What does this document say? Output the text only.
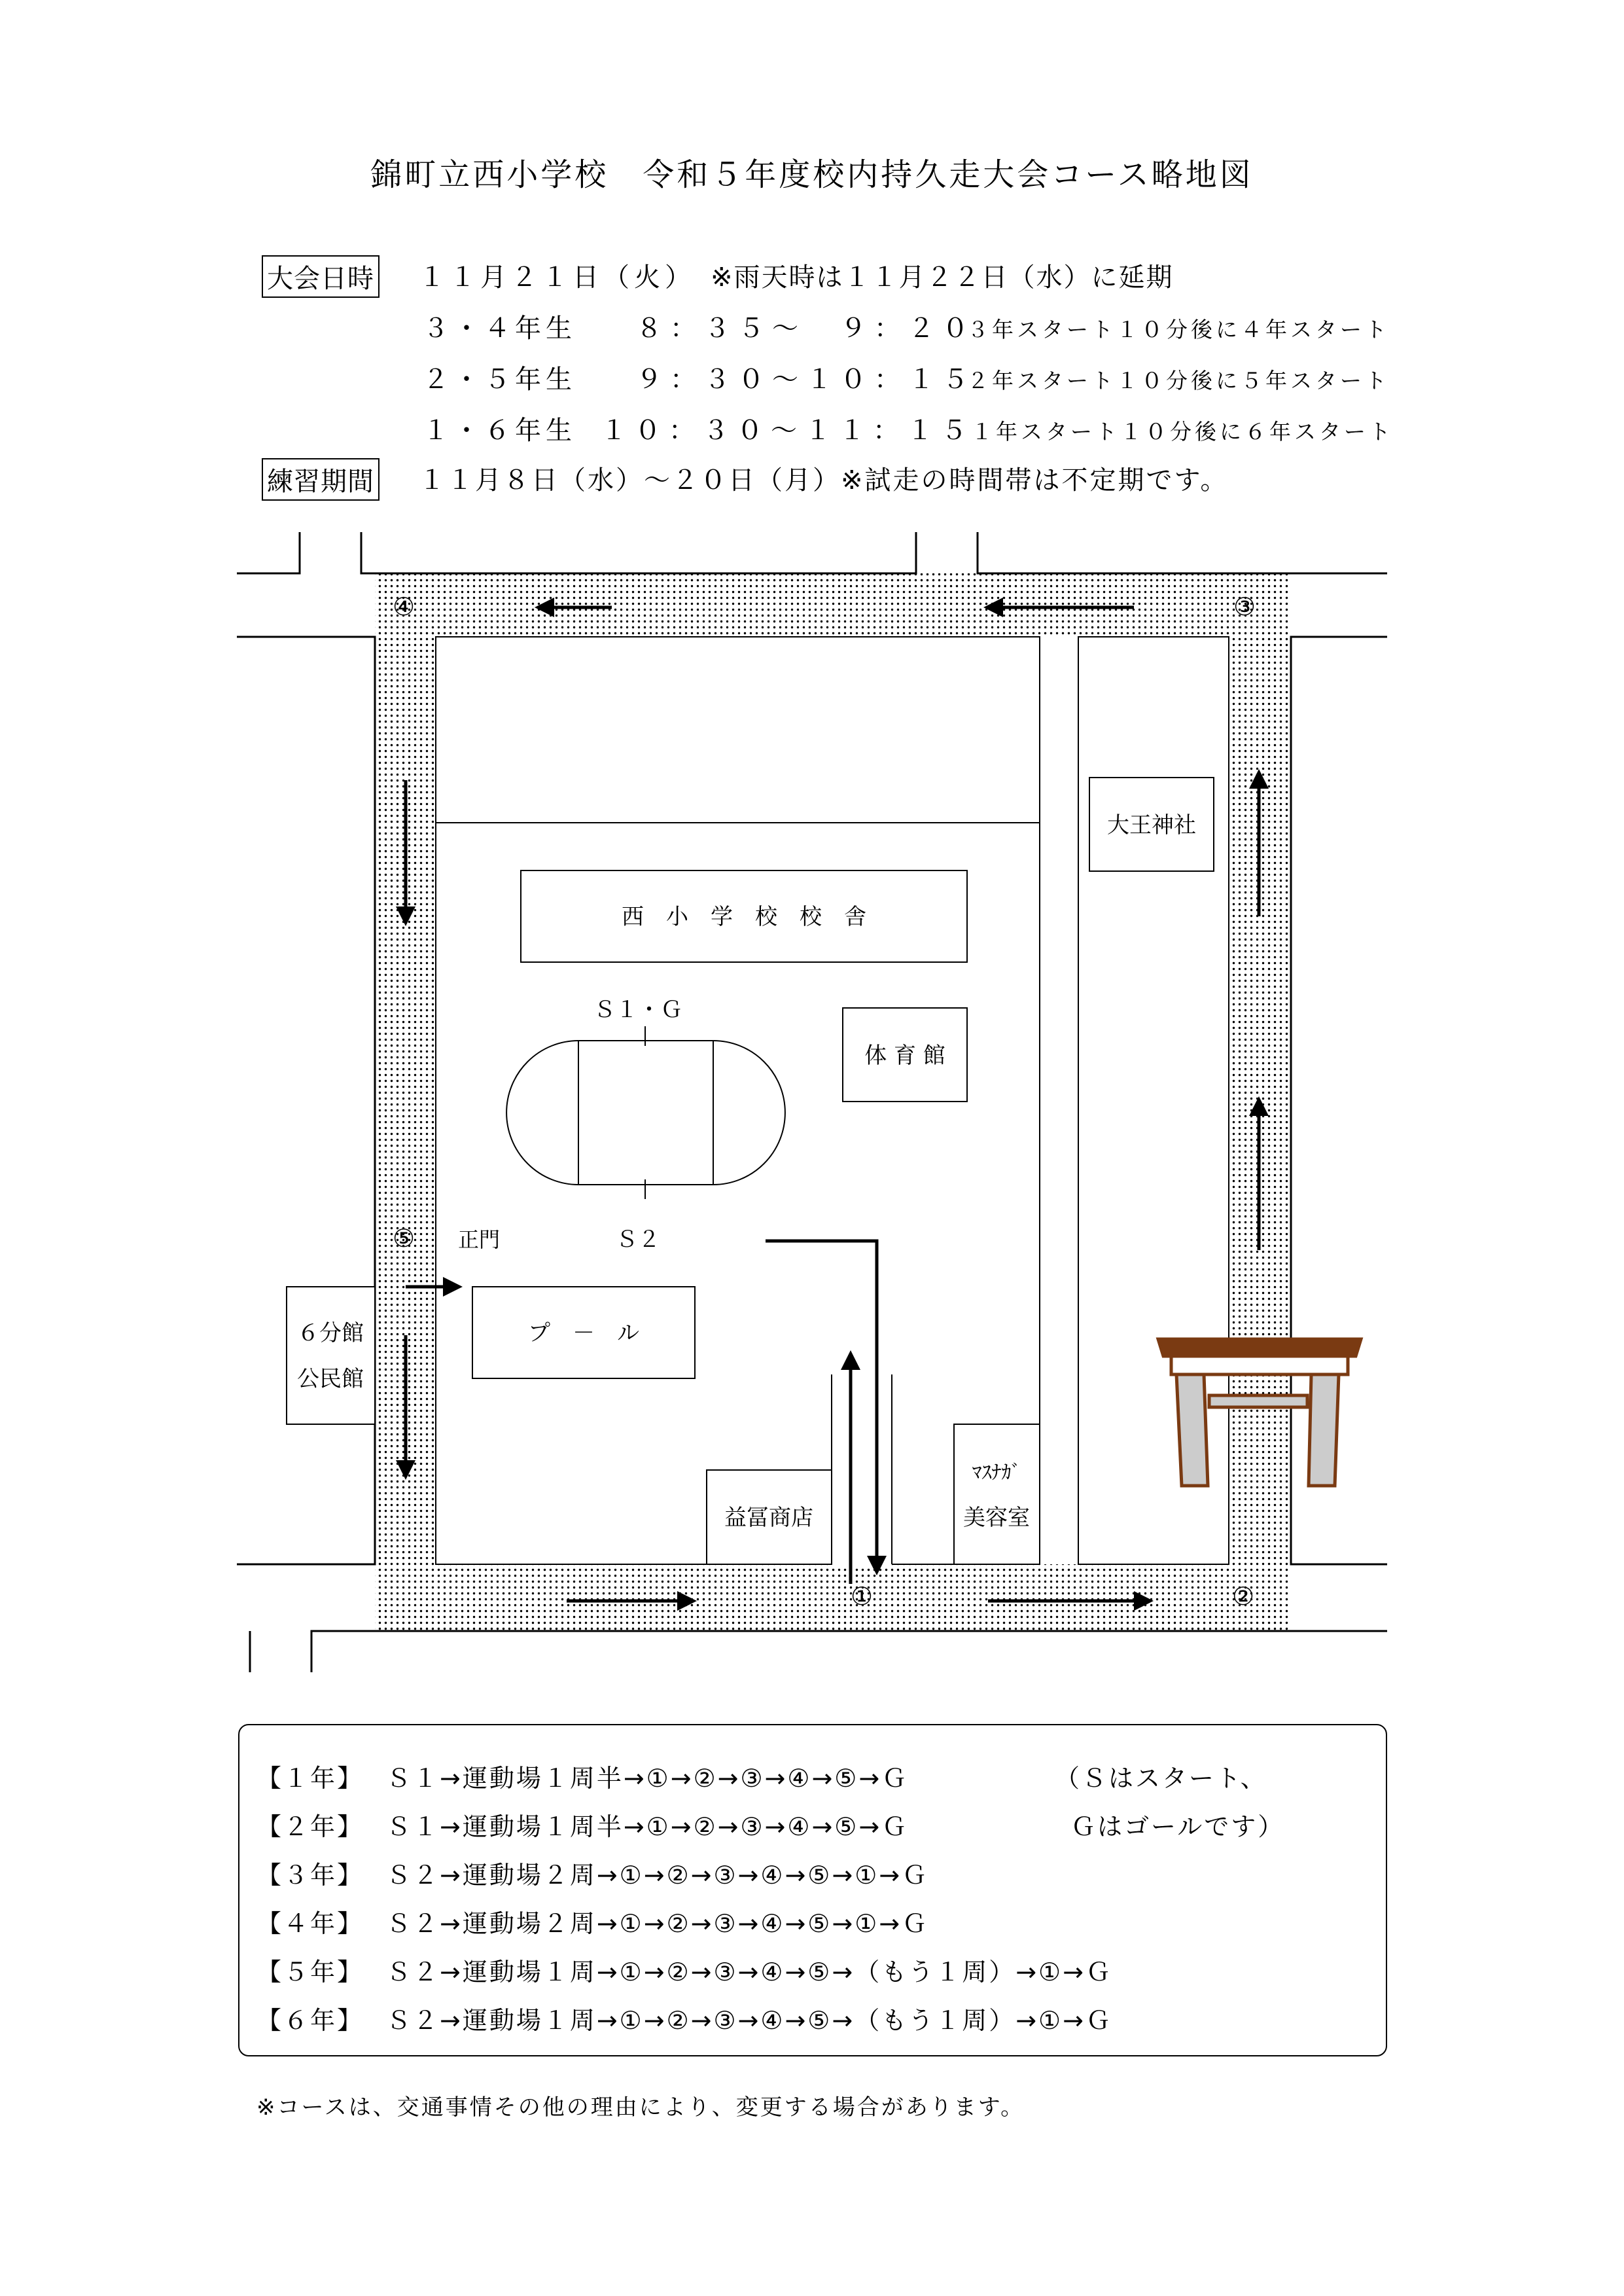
錦町立西小学校　令和５年度校内持久走大会コース略地図
大会日時 １１月２１日（火） ※雨天時は１１月２２日（水）に延期
３・４年生 ８：３５～　９：２０
３年スタート１０分後に４年スタート
２・５年生 ９：３０～１０：１５
２年スタート１０分後に５年スタート
１・６年生 １０：３０～１１：１５
１年スタート１０分後に６年スタート
練習期間 １１月８日（水）～２０日（月）※試走の時間帯は不定期です。
西　小　学　校　校　舎
体 育 館
プ　－　ル
大王神社
６分館
公民館
益冨商店
ﾏｽﾅｶﾞ
美容室
Ｓ１・Ｇ
Ｓ２
正門
①	②
③
④
⑤
【１年】 Ｓ１→運動場１周半→①→②→③→④→⑤→Ｇ	（Ｓはスタート、
【２年】 Ｓ１→運動場１周半→①→②→③→④→⑤→Ｇ	Ｇはゴールです）
【３年】 Ｓ２→運動場２周→①→②→③→④→⑤→①→Ｇ
【４年】 Ｓ２→運動場２周→①→②→③→④→⑤→①→Ｇ
【５年】 Ｓ２→運動場１周→①→②→③→④→⑤→（もう１周）→①→Ｇ
【６年】 Ｓ２→運動場１周→①→②→③→④→⑤→（もう１周）→①→Ｇ
※コースは、交通事情その他の理由により、変更する場合があります。
